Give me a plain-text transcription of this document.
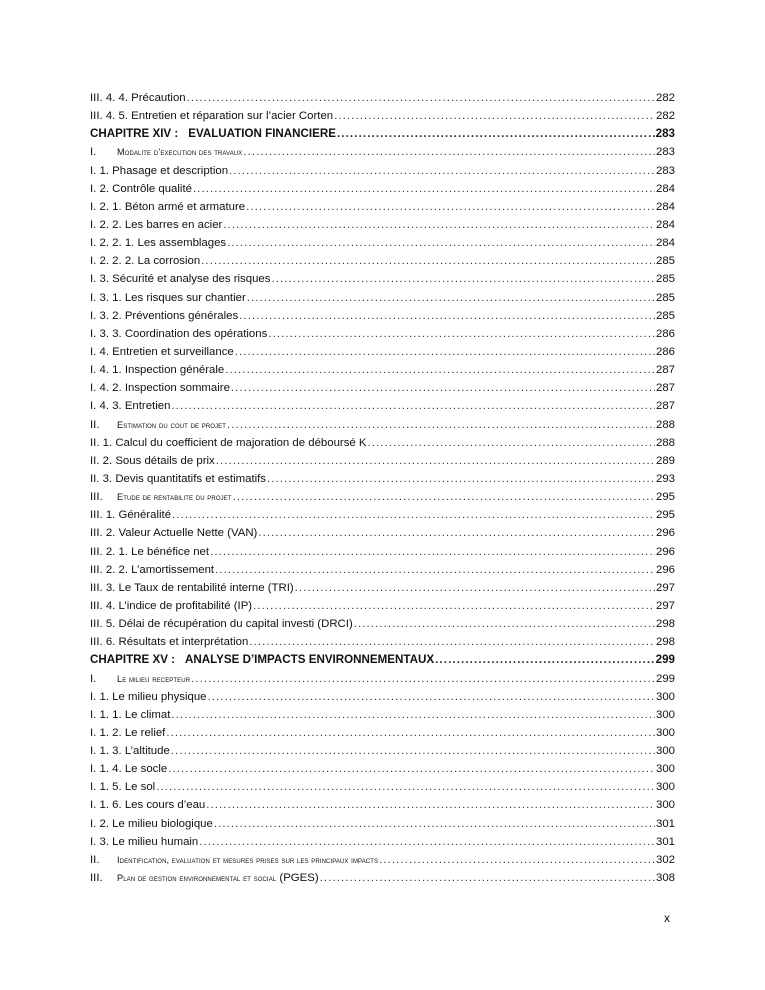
III. 4. 4. Précaution .....	282
III. 4. 5. Entretien et réparation sur l’acier Corten .....	282
CHAPITRE XIV : EVALUATION FINANCIERE .....	283
I. Modalite d’execution des travaux .....	283
I. 1. Phasage et description .....	283
I. 2. Contrôle qualité .....	284
I. 2. 1. Béton armé et armature .....	284
I. 2. 2. Les barres en acier .....	284
I. 2. 2. 1. Les assemblages .....	284
I. 2. 2. 2. La corrosion .....	285
I. 3. Sécurité et analyse des risques .....	285
I. 3. 1. Les risques sur chantier .....	285
I. 3. 2. Préventions générales .....	285
I. 3. 3. Coordination des opérations .....	286
I. 4. Entretien et surveillance .....	286
I. 4. 1. Inspection générale .....	287
I. 4. 2. Inspection sommaire .....	287
I. 4. 3. Entretien .....	287
II. Estimation du cout de projet .....	288
II. 1. Calcul du coefficient de majoration de déboursé K .....	288
II. 2. Sous détails de prix .....	289
II. 3. Devis quantitatifs et estimatifs .....	293
III. Etude de rentabilite du projet .....	295
III. 1. Généralité .....	295
III. 2. Valeur Actuelle Nette (VAN) .....	296
III. 2. 1. Le bénéfice net .....	296
III. 2. 2. L’amortissement .....	296
III. 3. Le Taux de rentabilité interne (TRI) .....	297
III. 4. L’indice de profitabilité (IP) .....	297
III. 5. Délai de récupération du capital investi (DRCI) .....	298
III. 6. Résultats et interprétation .....	298
CHAPITRE XV : ANALYSE D’IMPACTS ENVIRONNEMENTAUX .....	299
I. Le milieu recepteur .....	299
I. 1. Le milieu physique .....	300
I. 1. 1. Le climat .....	300
I. 1. 2. Le relief .....	300
I. 1. 3. L’altitude .....	300
I. 1. 4. Le socle .....	300
I. 1. 5. Le sol .....	300
I. 1. 6. Les cours d’eau .....	300
I. 2. Le milieu biologique .....	301
I. 3. Le milieu humain .....	301
II. Identification, evaluation et mesures prises sur les principaux impacts .....	302
III. Plan de gestion environnemental et social (PGES) .....	308
x
